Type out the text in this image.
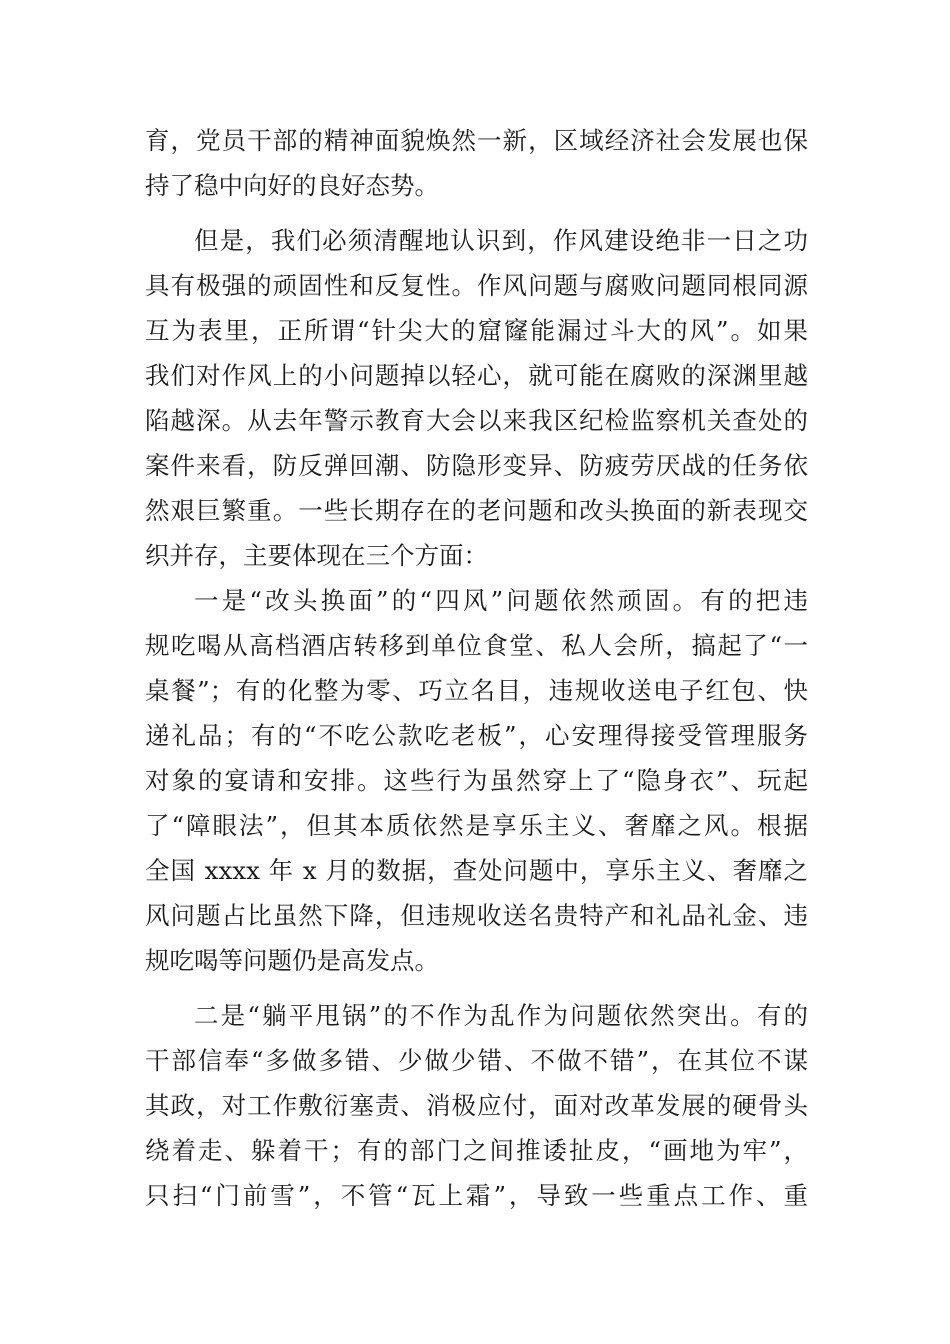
育，党员干部的精神面貌焕然一新，区域经济社会发展也保
持了稳中向好的良好态势。
但是，我们必须清醒地认识到，作风建设绝非一日之功
具有极强的顽固性和反复性。作风问题与腐败问题同根同源
互为表里，正所谓“针尖大的窟窿能漏过斗大的风”。如果
我们对作风上的小问题掉以轻心，就可能在腐败的深渊里越
陷越深。从去年警示教育大会以来我区纪检监察机关查处的
案件来看，防反弹回潮、防隐形变异、防疲劳厌战的任务依
然艰巨繁重。一些长期存在的老问题和改头换面的新表现交
织并存，主要体现在三个方面：
一是“改头换面”的“四风”问题依然顽固。有的把违
规吃喝从高档酒店转移到单位食堂、私人会所，搞起了“一
桌餐”；有的化整为零、巧立名目，违规收送电子红包、快
递礼品；有的“不吃公款吃老板”，心安理得接受管理服务
对象的宴请和安排。这些行为虽然穿上了“隐身衣”、玩起
了“障眼法”，但其本质依然是享乐主义、奢靡之风。根据
全国 xxxx 年 x 月的数据，查处问题中，享乐主义、奢靡之
风问题占比虽然下降，但违规收送名贵特产和礼品礼金、违
规吃喝等问题仍是高发点。
二是“躺平甩锅”的不作为乱作为问题依然突出。有的
干部信奉“多做多错、少做少错、不做不错”，在其位不谋
其政，对工作敷衍塞责、消极应付，面对改革发展的硬骨头
绕着走、躲着干；有的部门之间推诿扯皮，“画地为牢”，
只扫“门前雪”，不管“瓦上霜”，导致一些重点工作、重
